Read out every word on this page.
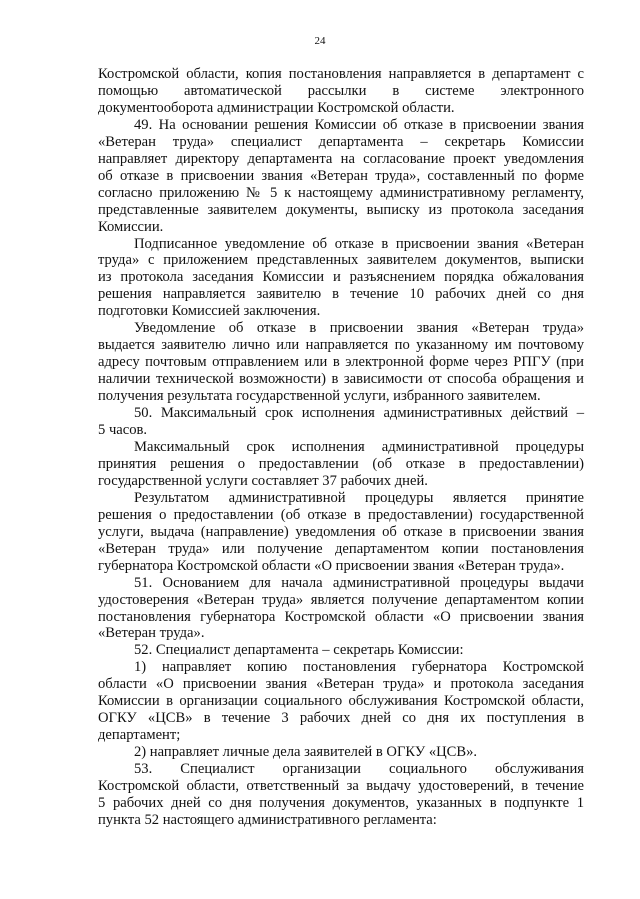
24

Костромской области, копия постановления направляется в департамент с
помощью автоматической рассылки в системе электронного
документооборота администрации Костромской области.

49. На основании решения Комиссии об отказе в присвоении звания
«Ветеран труда» специалист департамента – секретарь Комиссии
направляет директору департамента на согласование проект уведомления
об отказе в присвоении звания «Ветеран труда», составленный по форме
согласно приложению № 5 к настоящему административному регламенту,
представленные заявителем документы, выписку из протокола заседания
Комиссии.

Подписанное уведомление об отказе в присвоении звания «Ветеран
труда» с приложением представленных заявителем документов, выписки
из протокола заседания Комиссии и разъяснением порядка обжалования
решения направляется заявителю в течение 10 рабочих дней со дня
подготовки Комиссией заключения.

Уведомление об отказе в присвоении звания «Ветеран труда»
выдается заявителю лично или направляется по указанному им почтовому
адресу почтовым отправлением или в электронной форме через РПГУ (при
наличии технической возможности) в зависимости от способа обращения и
получения результата государственной услуги, избранного заявителем.

50. Максимальный срок исполнения административных действий –
5 часов.

Максимальный срок исполнения административной процедуры
принятия решения о предоставлении (об отказе в предоставлении)
государственной услуги составляет 37 рабочих дней.

Результатом административной процедуры является принятие
решения о предоставлении (об отказе в предоставлении) государственной
услуги, выдача (направление) уведомления об отказе в присвоении звания
«Ветеран труда» или получение департаментом копии постановления
губернатора Костромской области «О присвоении звания «Ветеран труда».

51. Основанием для начала административной процедуры выдачи
удостоверения «Ветеран труда» является получение департаментом копии
постановления губернатора Костромской области «О присвоении звания
«Ветеран труда».

52. Специалист департамента – секретарь Комиссии:

1) направляет копию постановления губернатора Костромской
области «О присвоении звания «Ветеран труда» и протокола заседания
Комиссии в организации социального обслуживания Костромской области,
ОГКУ «ЦСВ» в течение 3 рабочих дней со дня их поступления в
департамент;

2) направляет личные дела заявителей в ОГКУ «ЦСВ».

53. Специалист организации социального обслуживания
Костромской области, ответственный за выдачу удостоверений, в течение
5 рабочих дней со дня получения документов, указанных в подпункте 1
пункта 52 настоящего административного регламента:
